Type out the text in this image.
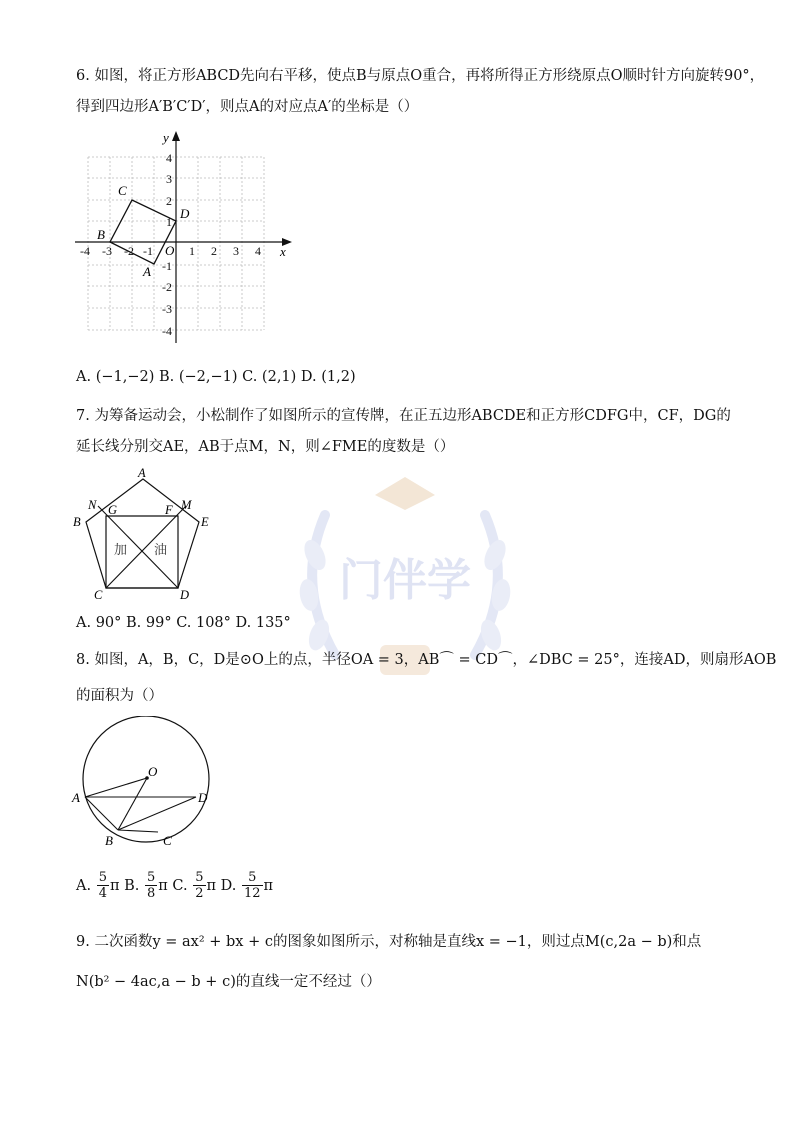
门伴学
6. 如图，将正方形ABCD先向右平移，使点B与原点O重合，再将所得正方形绕原点O顺时针方向旋转90°，
得到四边形A′B′C′D′，则点A的对应点A′的坐标是（）
x
y
-4 -3 -2 -1	1 2 3 4
4
3
2
1
-1
-2
-3
-4
O
B
A
D
C
A. (−1,−2) B. (−2,−1) C. (2,1) D. (1,2)
7. 为筹备运动会，小松制作了如图所示的宣传牌，在正五边形ABCDE和正方形CDFG中，CF，DG的
延长线分别交AE，AB于点M，N，则∠FME的度数是（）
A
N	M
G	F
B	E
C	D
加 油
A. 90° B. 99° C. 108° D. 135°
8. 如图，A，B，C，D是⊙O上的点，半径OA = 3，AB⌒ = CD⌒，∠DBC = 25°，连接AD，则扇形AOB
的面积为（）
O
A	D
B	C
A. $\frac{5}{4}$ π B. $\frac{5}{8}$ π C. $\frac{5}{2}$ π D. $\frac{5}{12}$ π
9. 二次函数y = ax² + bx + c的图象如图所示，对称轴是直线x = −1，则过点M(c,2a − b)和点
N(b² − 4ac,a − b + c)的直线一定不经过（）
